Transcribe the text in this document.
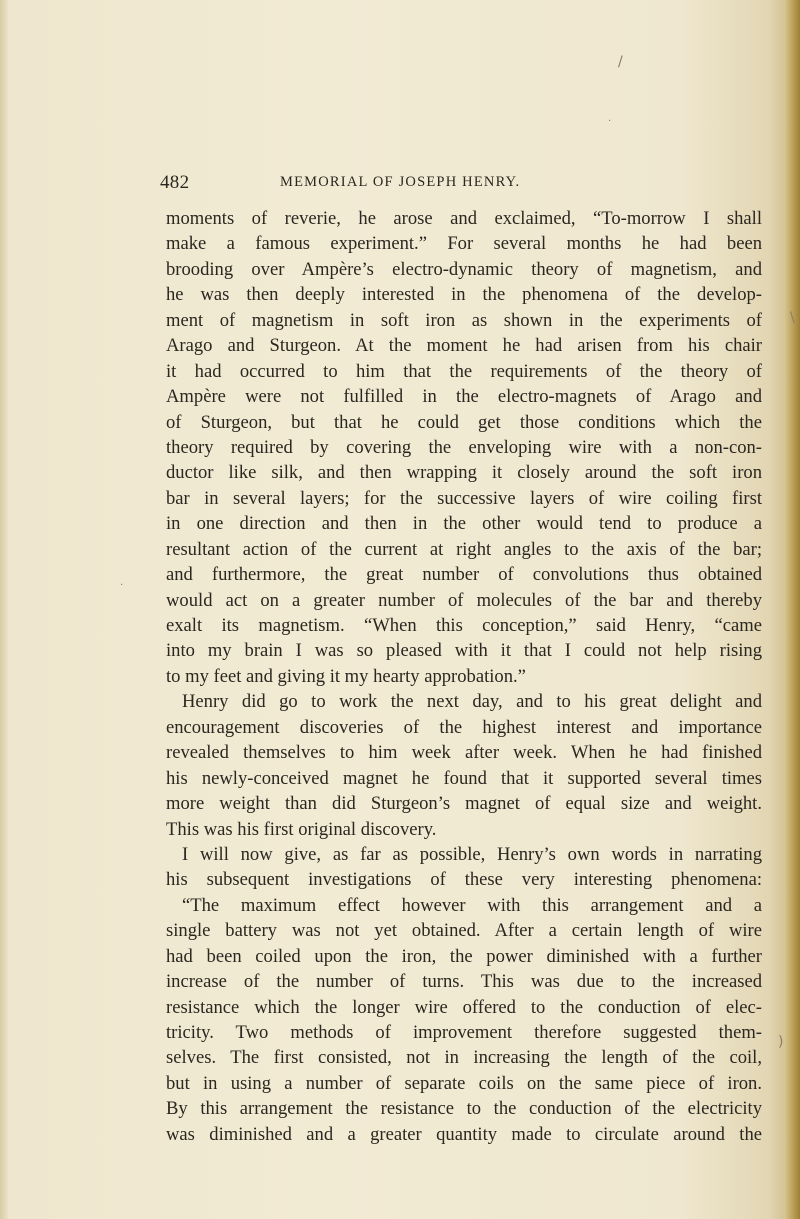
482	MEMORIAL OF JOSEPH HENRY.
moments of reverie, he arose and exclaimed, “To-morrow I shall
make a famous experiment.” For several months he had been
brooding over Ampère’s electro-dynamic theory of magnetism, and
he was then deeply interested in the phenomena of the develop-
ment of magnetism in soft iron as shown in the experiments of
Arago and Sturgeon. At the moment he had arisen from his chair
it had occurred to him that the requirements of the theory of
Ampère were not fulfilled in the electro-magnets of Arago and
of Sturgeon, but that he could get those conditions which the
theory required by covering the enveloping wire with a non-con-
ductor like silk, and then wrapping it closely around the soft iron
bar in several layers; for the successive layers of wire coiling first
in one direction and then in the other would tend to produce a
resultant action of the current at right angles to the axis of the bar;
and furthermore, the great number of convolutions thus obtained
would act on a greater number of molecules of the bar and thereby
exalt its magnetism. “When this conception,” said Henry, “came
into my brain I was so pleased with it that I could not help rising
to my feet and giving it my hearty approbation.”
Henry did go to work the next day, and to his great delight and
encouragement discoveries of the highest interest and importance
revealed themselves to him week after week. When he had finished
his newly-conceived magnet he found that it supported several times
more weight than did Sturgeon’s magnet of equal size and weight.
This was his first original discovery.
I will now give, as far as possible, Henry’s own words in narrating
his subsequent investigations of these very interesting phenomena:
“The maximum effect however with this arrangement and a
single battery was not yet obtained. After a certain length of wire
had been coiled upon the iron, the power diminished with a further
increase of the number of turns. This was due to the increased
resistance which the longer wire offered to the conduction of elec-
tricity. Two methods of improvement therefore suggested them-
selves. The first consisted, not in increasing the length of the coil,
but in using a number of separate coils on the same piece of iron.
By this arrangement the resistance to the conduction of the electricity
was diminished and a greater quantity made to circulate around the
/
·
\
·
)
